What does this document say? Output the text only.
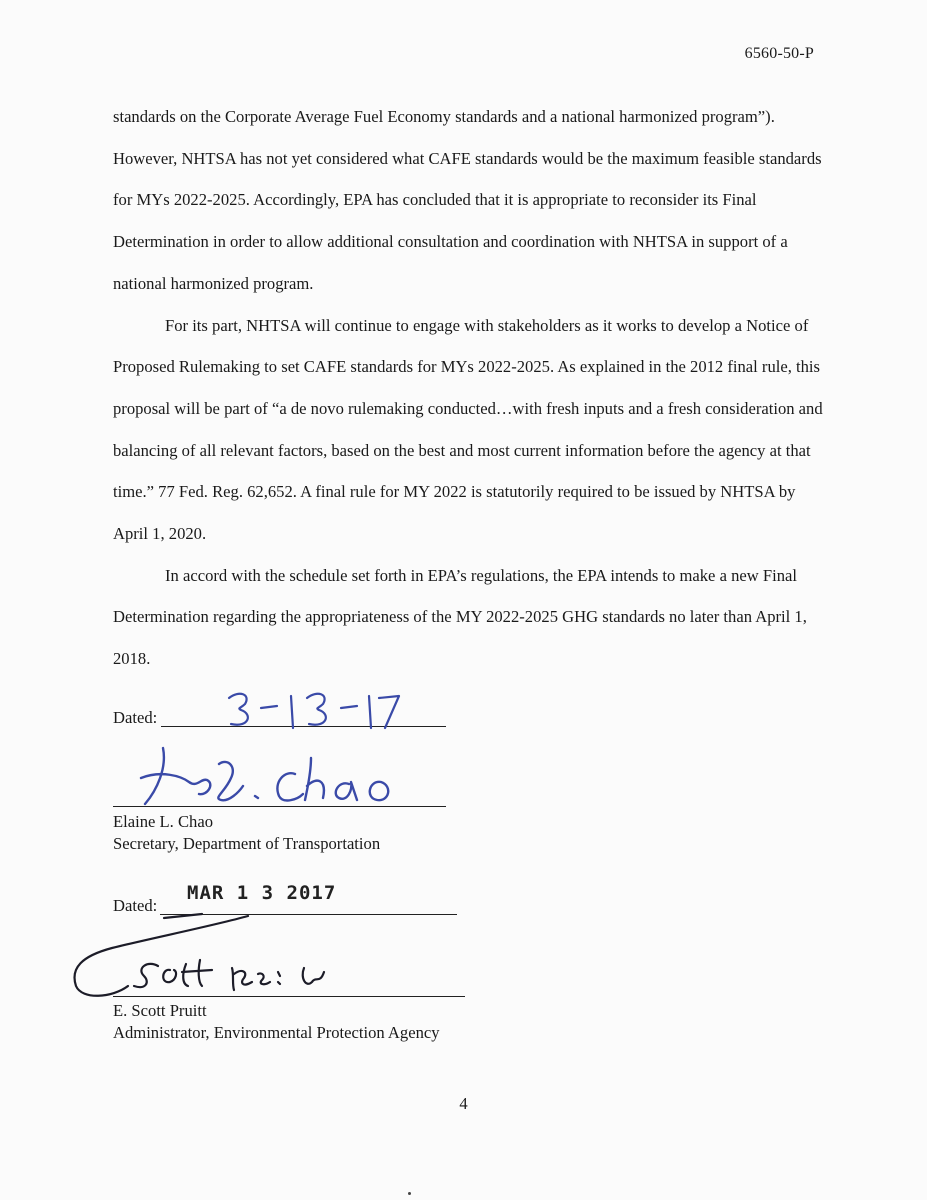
6560-50-P

standards on the Corporate Average Fuel Economy standards and a national harmonized program”). However, NHTSA has not yet considered what CAFE standards would be the maximum feasible standards for MYs 2022-2025. Accordingly, EPA has concluded that it is appropriate to reconsider its Final Determination in order to allow additional consultation and coordination with NHTSA in support of a national harmonized program.

For its part, NHTSA will continue to engage with stakeholders as it works to develop a Notice of Proposed Rulemaking to set CAFE standards for MYs 2022-2025. As explained in the 2012 final rule, this proposal will be part of “a de novo rulemaking conducted…with fresh inputs and a fresh consideration and balancing of all relevant factors, based on the best and most current information before the agency at that time.” 77 Fed. Reg. 62,652. A final rule for MY 2022 is statutorily required to be issued by NHTSA by April 1, 2020.

In accord with the schedule set forth in EPA’s regulations, the EPA intends to make a new Final Determination regarding the appropriateness of the MY 2022-2025 GHG standards no later than April 1, 2018.

Dated:
Elaine L. Chao
Secretary, Department of Transportation
Dated:
MAR 1 3 2017
E. Scott Pruitt
Administrator, Environmental Protection Agency
4
